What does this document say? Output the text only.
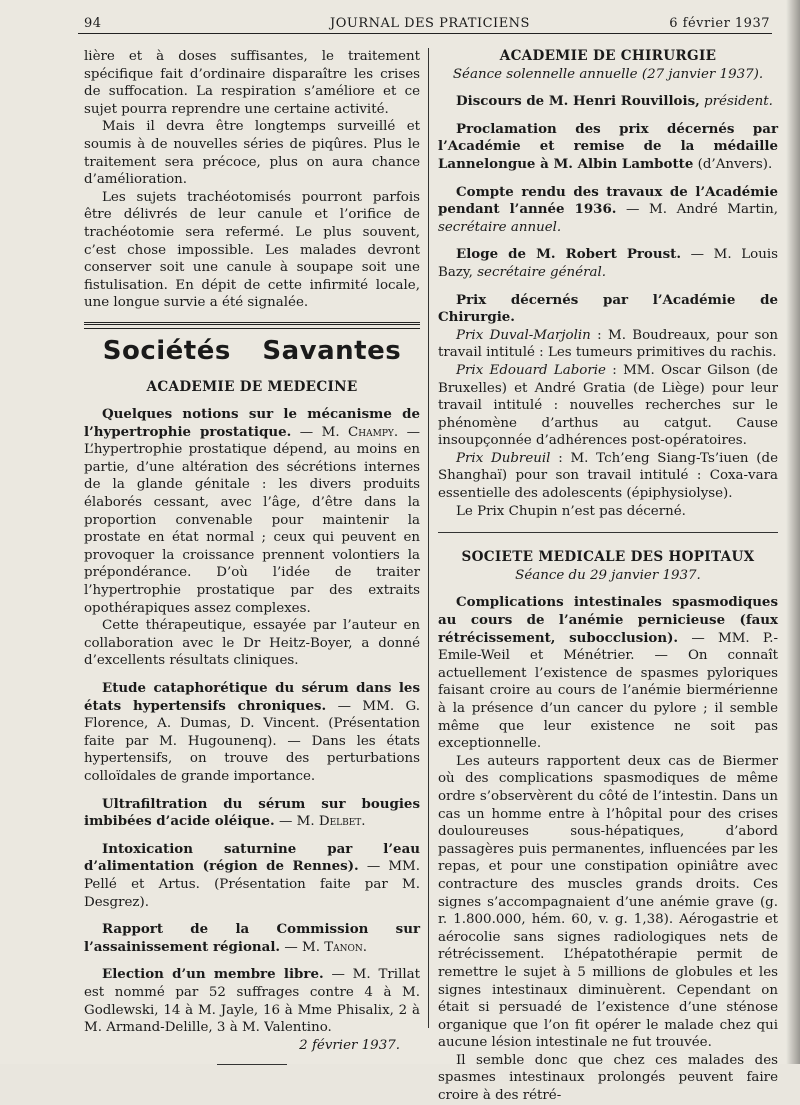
94	JOURNAL DES PRATICIENS	6 février 1937

lière et à doses suffisantes, le traitement spécifique fait d’ordinaire disparaître les crises de suffocation. La respiration s’améliore et ce sujet pourra reprendre une certaine activité.

Mais il devra être longtemps surveillé et soumis à de nouvelles séries de piqûres. Plus le traitement sera précoce, plus on aura chance d’amélioration.

Les sujets trachéotomisés pourront parfois être délivrés de leur canule et l’orifice de trachéotomie sera refermé. Le plus souvent, c’est chose impossible. Les malades devront conserver soit une canule à soupape soit une fistulisation. En dépit de cette infirmité locale, une longue survie a été signalée.

Sociétés Savantes
ACADEMIE DE MEDECINE

Quelques notions sur le mécanisme de l’hypertrophie prostatique. — M. Champy. — L’hypertrophie prostatique dépend, au moins en partie, d’une altération des sécrétions internes de la glande génitale : les divers produits élaborés cessant, avec l’âge, d’être dans la proportion convenable pour maintenir la prostate en état normal ; ceux qui peuvent en provoquer la croissance prennent volontiers la prépondérance. D’où l’idée de traiter l’hypertrophie prostatique par des extraits opothérapiques assez complexes.

Cette thérapeutique, essayée par l’auteur en collaboration avec le Dr Heitz-Boyer, a donné d’excellents résultats cliniques.

Etude cataphorétique du sérum dans les états hypertensifs chroniques. — MM. G. Florence, A. Dumas, D. Vincent. (Présentation faite par M. Hugounenq). — Dans les états hypertensifs, on trouve des perturbations colloïdales de grande importance.

Ultrafiltration du sérum sur bougies imbibées d’acide oléique. — M. Delbet.

Intoxication saturnine par l’eau d’alimentation (région de Rennes). — MM. Pellé et Artus. (Présentation faite par M. Desgrez).

Rapport de la Commission sur l’assainissement régional. — M. Tanon.

Election d’un membre libre. — M. Trillat est nommé par 52 suffrages contre 4 à M. Godlewski, 14 à M. Jayle, 16 à Mme Phisalix, 2 à M. Armand-Delille, 3 à M. Valentino.

2 février 1937.

ACADEMIE DE CHIRURGIE

Séance solennelle annuelle (27 janvier 1937).

Discours de M. Henri Rouvillois, président.

Proclamation des prix décernés par l’Académie et remise de la médaille Lannelongue à M. Albin Lambotte (d’Anvers).

Compte rendu des travaux de l’Académie pendant l’année 1936. — M. André Martin, secrétaire annuel.

Eloge de M. Robert Proust. — M. Louis Bazy, secrétaire général.

Prix décernés par l’Académie de Chirurgie.

Prix Duval-Marjolin : M. Boudreaux, pour son travail intitulé : Les tumeurs primitives du rachis.

Prix Edouard Laborie : MM. Oscar Gilson (de Bruxelles) et André Gratia (de Liège) pour leur travail intitulé : nouvelles recherches sur le phénomène d’arthus au catgut. Cause insoupçonnée d’adhérences post-opératoires.

Prix Dubreuil : M. Tch’eng Siang-Ts’iuen (de Shanghaï) pour son travail intitulé : Coxa-vara essentielle des adolescents (épiphysiolyse).

Le Prix Chupin n’est pas décerné.

SOCIETE MEDICALE DES HOPITAUX

Séance du 29 janvier 1937.

Complications intestinales spasmodiques au cours de l’anémie pernicieuse (faux rétrécissement, subocclusion). — MM. P.-Emile-Weil et Ménétrier. — On connaît actuellement l’existence de spasmes pyloriques faisant croire au cours de l’anémie biermérienne à la présence d’un cancer du pylore ; il semble même que leur existence ne soit pas exceptionnelle.

Les auteurs rapportent deux cas de Biermer où des complications spasmodiques de même ordre s’observèrent du côté de l’intestin. Dans un cas un homme entre à l’hôpital pour des crises douloureuses sous-hépatiques, d’abord passagères puis permanentes, influencées par les repas, et pour une constipation opiniâtre avec contracture des muscles grands droits. Ces signes s’accompagnaient d’une anémie grave (g. r. 1.800.000, hém. 60, v. g. 1,38). Aérogastrie et aérocolie sans signes radiologiques nets de rétrécissement. L’hépatothérapie permit de remettre le sujet à 5 millions de globules et les signes intestinaux diminuèrent. Cependant on était si persuadé de l’existence d’une sténose organique que l’on fit opérer le malade chez qui aucune lésion intestinale ne fut trouvée.

Il semble donc que chez ces malades des spasmes intestinaux prolongés peuvent faire croire à des rétré-
